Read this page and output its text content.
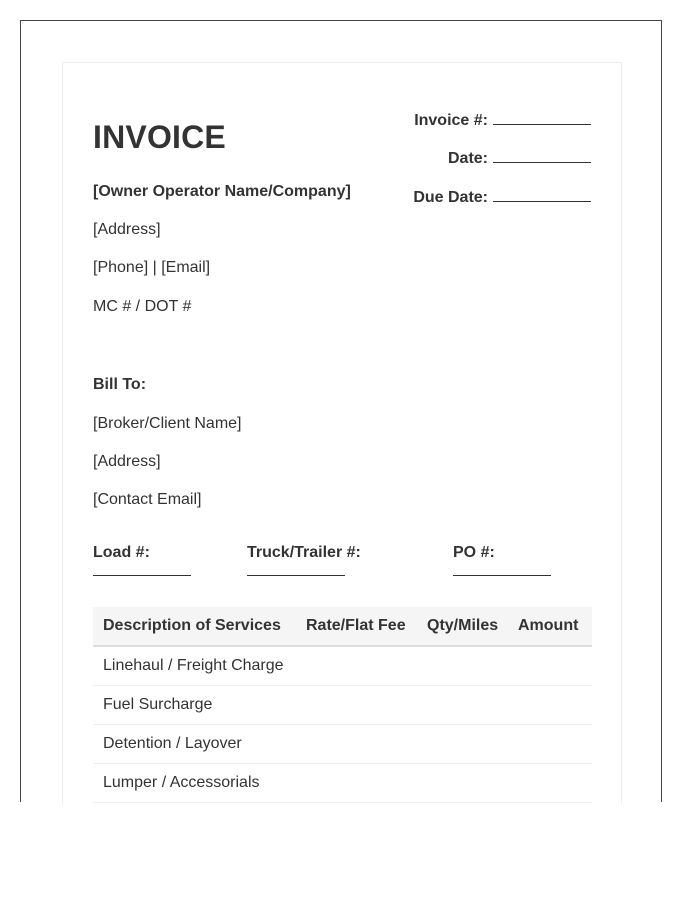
INVOICE	Invoice #:
Date:
Due Date:
[Owner Operator Name/Company]
[Address]
[Phone] | [Email]
MC # / DOT #
Bill To:
[Broker/Client Name]
[Address]
[Contact Email]
Load #:	Truck/Trailer #:	PO #:
Description of Services	Rate/Flat Fee	Qty/Miles	Amount
Linehaul / Freight Charge			
Fuel Surcharge			
Detention / Layover			
Lumper / Accessorials			
